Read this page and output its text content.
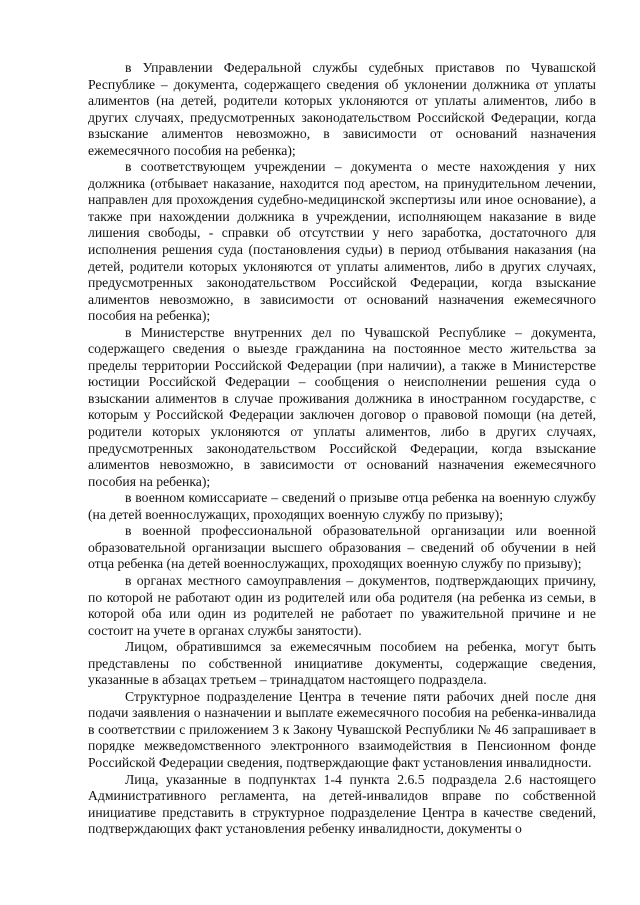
в Управлении Федеральной службы судебных приставов по Чувашской Республике – документа, содержащего сведения об уклонении должника от уплаты алиментов (на детей, родители которых уклоняются от уплаты алиментов, либо в других случаях, предусмотренных законодательством Российской Федерации, когда взыскание алиментов невозможно, в зависимости от оснований назначения ежемесячного пособия на ребенка);

в соответствующем учреждении – документа о месте нахождения у них должника (отбывает наказание, находится под арестом, на принудительном лечении, направлен для прохождения судебно-медицинской экспертизы или иное основание), а также при нахождении должника в учреждении, исполняющем наказание в виде лишения свободы, - справки об отсутствии у него заработка, достаточного для исполнения решения суда (постановления судьи) в период отбывания наказания (на детей, родители которых уклоняются от уплаты алиментов, либо в других случаях, предусмотренных законодательством Российской Федерации, когда взыскание алиментов невозможно, в зависимости от оснований назначения ежемесячного пособия на ребенка);

в Министерстве внутренних дел по Чувашской Республике – документа, содержащего сведения о выезде гражданина на постоянное место жительства за пределы территории Российской Федерации (при наличии), а также в Министерстве юстиции Российской Федерации – сообщения о неисполнении решения суда о взыскании алиментов в случае проживания должника в иностранном государстве, с которым у Российской Федерации заключен договор о правовой помощи (на детей, родители которых уклоняются от уплаты алиментов, либо в других случаях, предусмотренных законодательством Российской Федерации, когда взыскание алиментов невозможно, в зависимости от оснований назначения ежемесячного пособия на ребенка);

в военном комиссариате – сведений о призыве отца ребенка на военную службу (на детей военнослужащих, проходящих военную службу по призыву);

в военной профессиональной образовательной организации или военной образовательной организации высшего образования – сведений об обучении в ней отца ребенка (на детей военнослужащих, проходящих военную службу по призыву);

в органах местного самоуправления – документов, подтверждающих причину, по которой не работают один из родителей или оба родителя (на ребенка из семьи, в которой оба или один из родителей не работает по уважительной причине и не состоит на учете в органах службы занятости).

Лицом, обратившимся за ежемесячным пособием на ребенка, могут быть представлены по собственной инициативе документы, содержащие сведения, указанные в абзацах третьем – тринадцатом настоящего подраздела.

Структурное подразделение Центра в течение пяти рабочих дней после дня подачи заявления о назначении и выплате ежемесячного пособия на ребенка-инвалида в соответствии с приложением 3 к Закону Чувашской Республики № 46 запрашивает в порядке межведомственного электронного взаимодействия в Пенсионном фонде Российской Федерации сведения, подтверждающие факт установления инвалидности.

Лица, указанные в подпунктах 1-4 пункта 2.6.5 подраздела 2.6 настоящего Административного регламента, на детей-инвалидов вправе по собственной инициативе представить в структурное подразделение Центра в качестве сведений, подтверждающих факт установления ребенку инвалидности, документы о
